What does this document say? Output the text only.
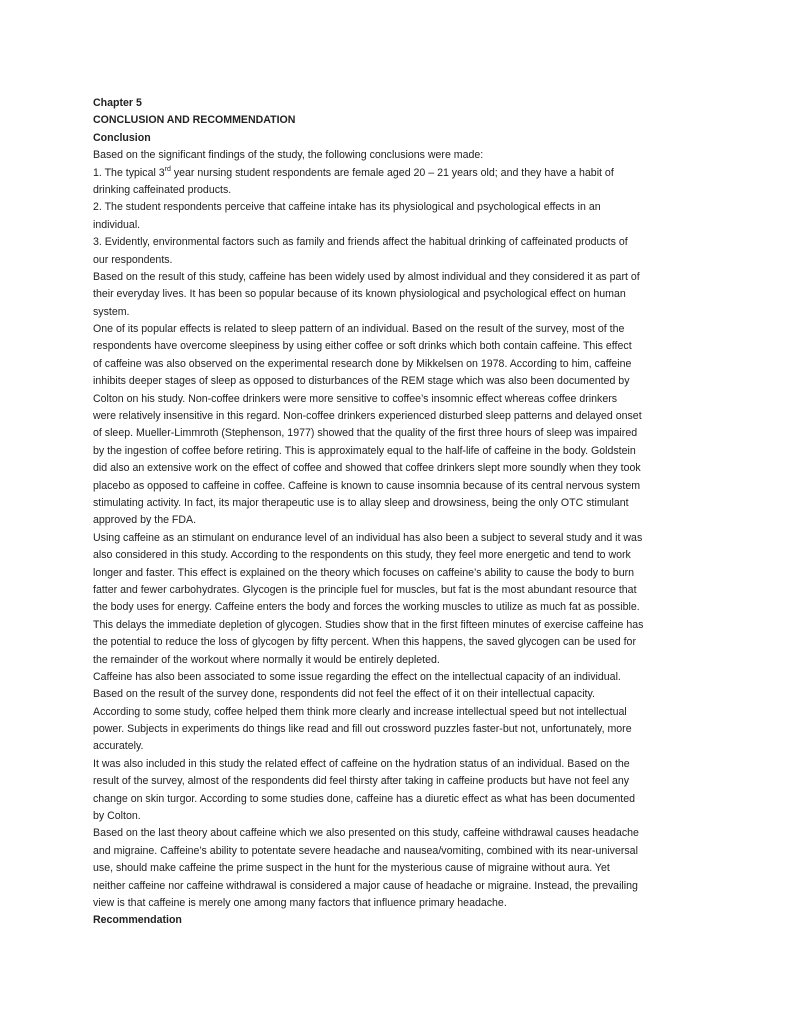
Chapter 5
CONCLUSION AND RECOMMENDATION
Conclusion
Based on the significant findings of the study, the following conclusions were made:
1. The typical 3rd year nursing student respondents are female aged 20 – 21 years old; and they have a habit of
drinking caffeinated products.
2. The student respondents perceive that caffeine intake has its physiological and psychological effects in an
individual.
3. Evidently, environmental factors such as family and friends affect the habitual drinking of caffeinated products of
our respondents.
Based on the result of this study, caffeine has been widely used by almost individual and they considered it as part of
their everyday lives. It has been so popular because of its known physiological and psychological effect on human
system.
One of its popular effects is related to sleep pattern of an individual. Based on the result of the survey, most of the
respondents have overcome sleepiness by using either coffee or soft drinks which both contain caffeine. This effect
of caffeine was also observed on the experimental research done by Mikkelsen on 1978. According to him, caffeine
inhibits deeper stages of sleep as opposed to disturbances of the REM stage which was also been documented by
Colton on his study. Non-coffee drinkers were more sensitive to coffee’s insomnic effect whereas coffee drinkers
were relatively insensitive in this regard. Non-coffee drinkers experienced disturbed sleep patterns and delayed onset
of sleep. Mueller-Limmroth (Stephenson, 1977) showed that the quality of the first three hours of sleep was impaired
by the ingestion of coffee before retiring. This is approximately equal to the half-life of caffeine in the body. Goldstein
did also an extensive work on the effect of coffee and showed that coffee drinkers slept more soundly when they took
placebo as opposed to caffeine in coffee. Caffeine is known to cause insomnia because of its central nervous system
stimulating activity. In fact, its major therapeutic use is to allay sleep and drowsiness, being the only OTC stimulant
approved by the FDA.
Using caffeine as an stimulant on endurance level of an individual has also been a subject to several study and it was
also considered in this study. According to the respondents on this study, they feel more energetic and tend to work
longer and faster. This effect is explained on the theory which focuses on caffeine’s ability to cause the body to burn
fatter and fewer carbohydrates. Glycogen is the principle fuel for muscles, but fat is the most abundant resource that
the body uses for energy. Caffeine enters the body and forces the working muscles to utilize as much fat as possible.
This delays the immediate depletion of glycogen. Studies show that in the first fifteen minutes of exercise caffeine has
the potential to reduce the loss of glycogen by fifty percent. When this happens, the saved glycogen can be used for
the remainder of the workout where normally it would be entirely depleted.
Caffeine has also been associated to some issue regarding the effect on the intellectual capacity of an individual.
Based on the result of the survey done, respondents did not feel the effect of it on their intellectual capacity.
According to some study, coffee helped them think more clearly and increase intellectual speed but not intellectual
power. Subjects in experiments do things like read and fill out crossword puzzles faster-but not, unfortunately, more
accurately.
It was also included in this study the related effect of caffeine on the hydration status of an individual. Based on the
result of the survey, almost of the respondents did feel thirsty after taking in caffeine products but have not feel any
change on skin turgor. According to some studies done, caffeine has a diuretic effect as what has been documented
by Colton.
Based on the last theory about caffeine which we also presented on this study, caffeine withdrawal causes headache
and migraine. Caffeine’s ability to potentate severe headache and nausea/vomiting, combined with its near-universal
use, should make caffeine the prime suspect in the hunt for the mysterious cause of migraine without aura. Yet
neither caffeine nor caffeine withdrawal is considered a major cause of headache or migraine. Instead, the prevailing
view is that caffeine is merely one among many factors that influence primary headache.
Recommendation
